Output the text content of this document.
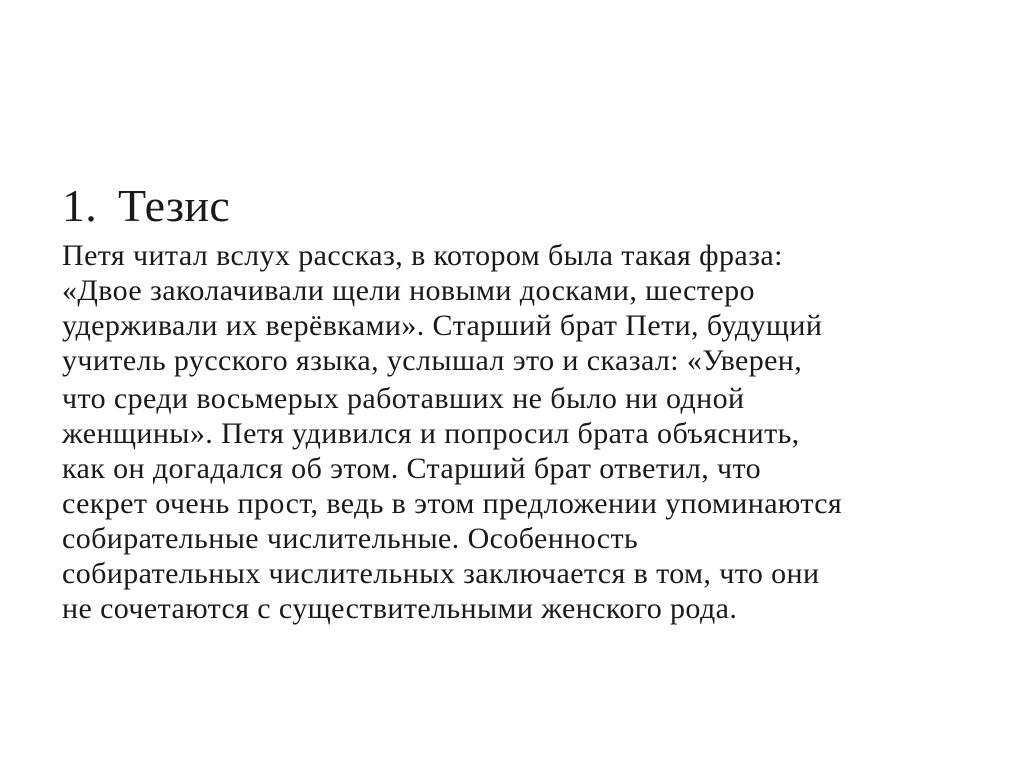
1. Тезис
Петя читал вслух рассказ, в котором была такая фраза:
«Двое заколачивали щели новыми досками, шестеро
удерживали их верёвками». Старший брат Пети, будущий
учитель русского языка, услышал это и сказал: «Уверен,
что среди восьмерых работавших не было ни одной
женщины». Петя удивился и попросил брата объяснить,
как он догадался об этом. Старший брат ответил, что
секрет очень прост, ведь в этом предложении упоминаются
собирательные числительные. Особенность
собирательных числительных заключается в том, что они
не сочетаются с существительными женского рода.
